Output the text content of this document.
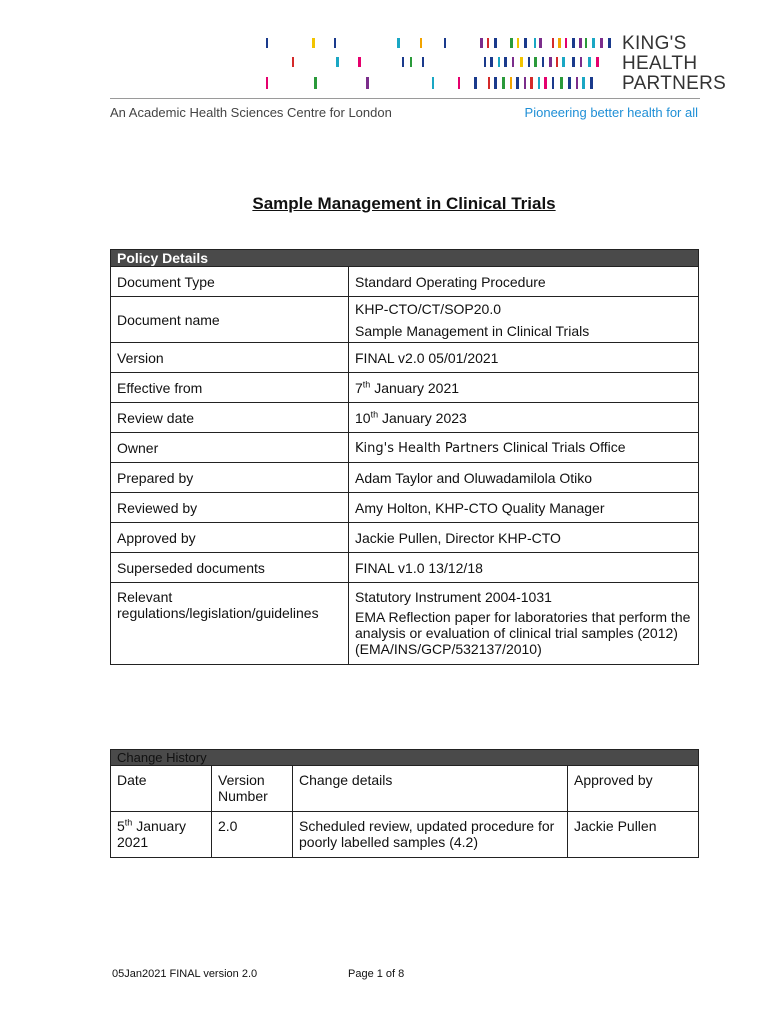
KING'S
HEALTH
PARTNERS
An Academic Health Sciences Centre for London	Pioneering better health for all
Sample Management in Clinical Trials
Policy Details	
Document Type	Standard Operating Procedure
Document name	KHP-CTO/CT/SOP20.0
Sample Management in Clinical Trials

Version	FINAL v2.0 05/01/2021
Effective from	7th January 2021
Review date	10th January 2023
Owner	King's Health Partners Clinical Trials Office
Prepared by	Adam Taylor and Oluwadamilola Otiko
Reviewed by	Amy Holton, KHP-CTO Quality Manager
Approved by	Jackie Pullen, Director KHP-CTO
Superseded documents	FINAL v1.0 13/12/18
Relevant regulations/legislation/guidelines	Statutory Instrument 2004-1031
EMA Reflection paper for laboratories that perform the analysis or evaluation of clinical trial samples (2012) (EMA/INS/GCP/532137/2010)
Change History			
Date	Version Number	Change details	Approved by
5th January 2021	2.0	Scheduled review, updated procedure for poorly labelled samples (4.2)	Jackie Pullen
05Jan2021 FINAL version 2.0	Page 1 of 8
